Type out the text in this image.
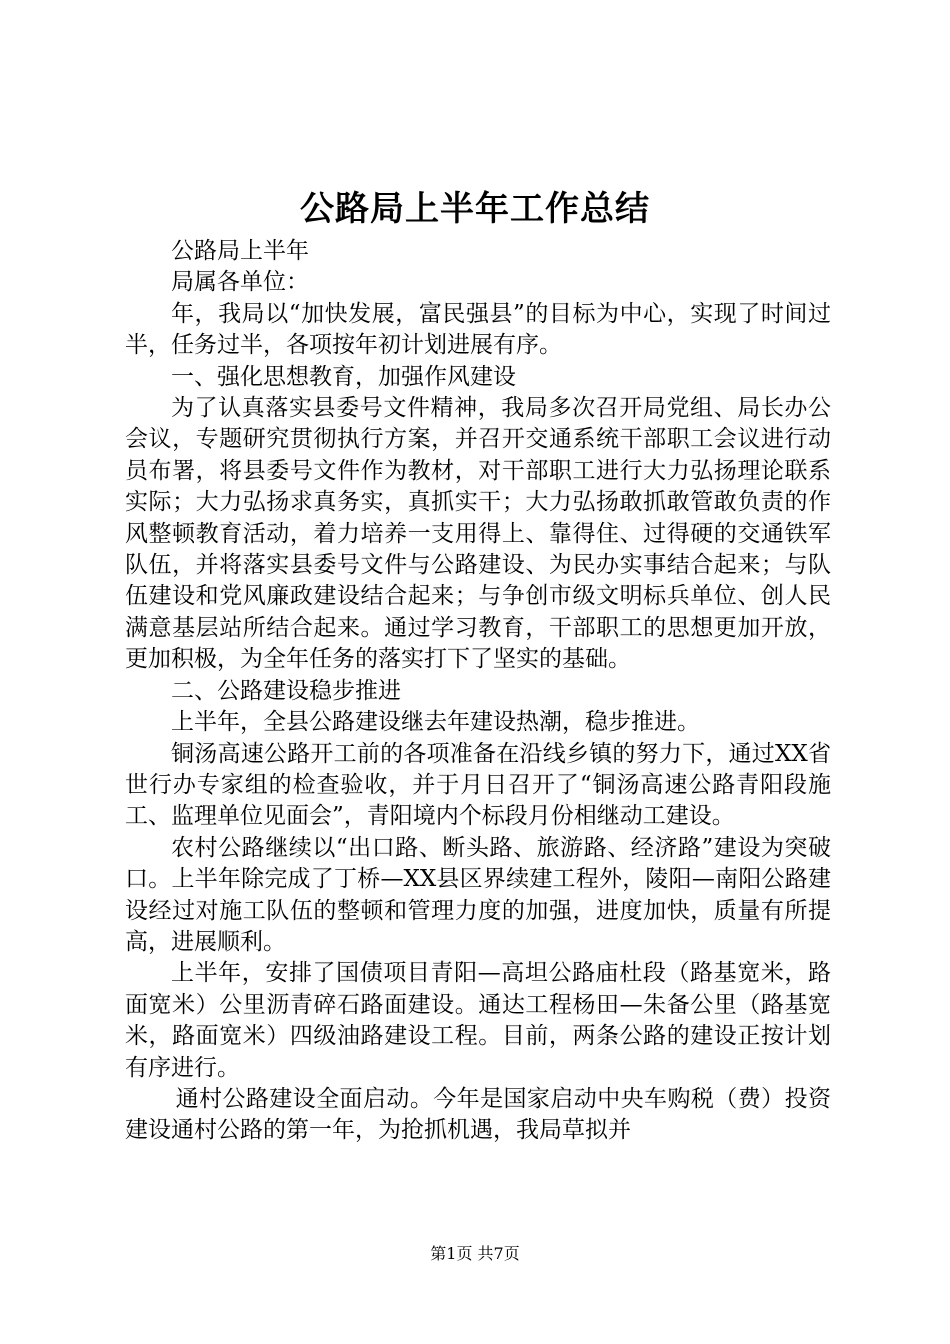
公路局上半年工作总结

公路局上半年

局属各单位：

年，我局以“加快发展，富民强县”的目标为中心，实现了时间过半，任务过半，各项按年初计划进展有序。

一、强化思想教育，加强作风建设

为了认真落实县委号文件精神，我局多次召开局党组、局长办公会议，专题研究贯彻执行方案，并召开交通系统干部职工会议进行动员布署，将县委号文件作为教材，对干部职工进行大力弘扬理论联系实际；大力弘扬求真务实，真抓实干；大力弘扬敢抓敢管敢负责的作风整顿教育活动，着力培养一支用得上、靠得住、过得硬的交通铁军队伍，并将落实县委号文件与公路建设、为民办实事结合起来；与队伍建设和党风廉政建设结合起来；与争创市级文明标兵单位、创人民满意基层站所结合起来。通过学习教育，干部职工的思想更加开放，更加积极，为全年任务的落实打下了坚实的基础。

二、公路建设稳步推进

上半年，全县公路建设继去年建设热潮，稳步推进。

铜汤高速公路开工前的各项准备在沿线乡镇的努力下，通过XX省世行办专家组的检查验收，并于月日召开了“铜汤高速公路青阳段施工、监理单位见面会”，青阳境内个标段月份相继动工建设。

农村公路继续以“出口路、断头路、旅游路、经济路”建设为突破口。上半年除完成了丁桥—XX县区界续建工程外，陵阳—南阳公路建设经过对施工队伍的整顿和管理力度的加强，进度加快，质量有所提高，进展顺利。

上半年，安排了国债项目青阳—高坦公路庙杜段（路基宽米，路面宽米）公里沥青碎石路面建设。通达工程杨田—朱备公里（路基宽米，路面宽米）四级油路建设工程。目前，两条公路的建设正按计划有序进行。

通村公路建设全面启动。今年是国家启动中央车购税（费）投资建设通村公路的第一年，为抢抓机遇，我局草拟并

第1页 共7页
